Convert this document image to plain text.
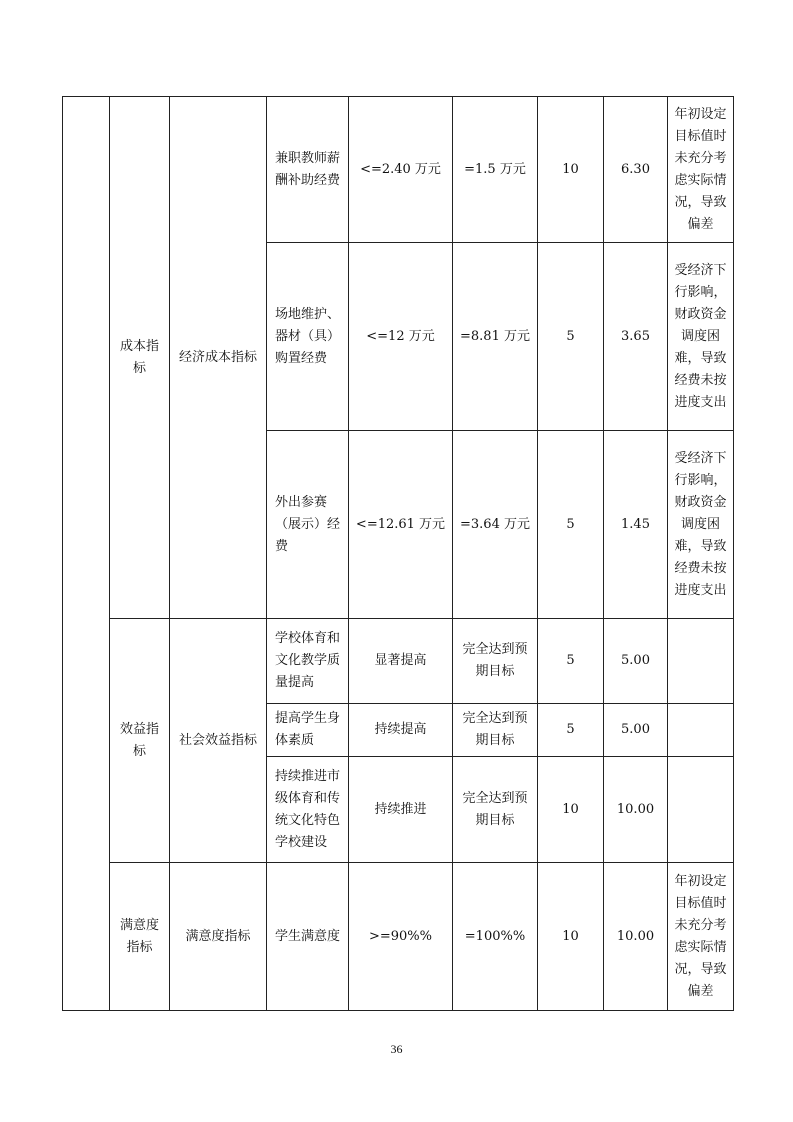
	成本指标	经济成本指标	兼职教师薪酬补助经费	<=2.40 万元	=1.5 万元	10	6.30	年初设定目标值时未充分考虑实际情况，导致偏差

			场地维护、器材（具）购置经费	<=12 万元	=8.81 万元	5	3.65	受经济下行影响，财政资金调度困难，导致经费未按进度支出

			外出参赛（展示）经费	<=12.61 万元	=3.64 万元	5	1.45	受经济下行影响，财政资金调度困难，导致经费未按进度支出

	效益指标	社会效益指标	学校体育和文化教学质量提高	显著提高	完全达到预期目标	5	5.00	

			提高学生身体素质	持续提高	完全达到预期目标	5	5.00	

			持续推进市级体育和传统文化特色学校建设	持续推进	完全达到预期目标	10	10.00	

	满意度指标	满意度指标	学生满意度	>=90%%	=100%%	10	10.00	年初设定目标值时未充分考虑实际情况，导致偏差
36
